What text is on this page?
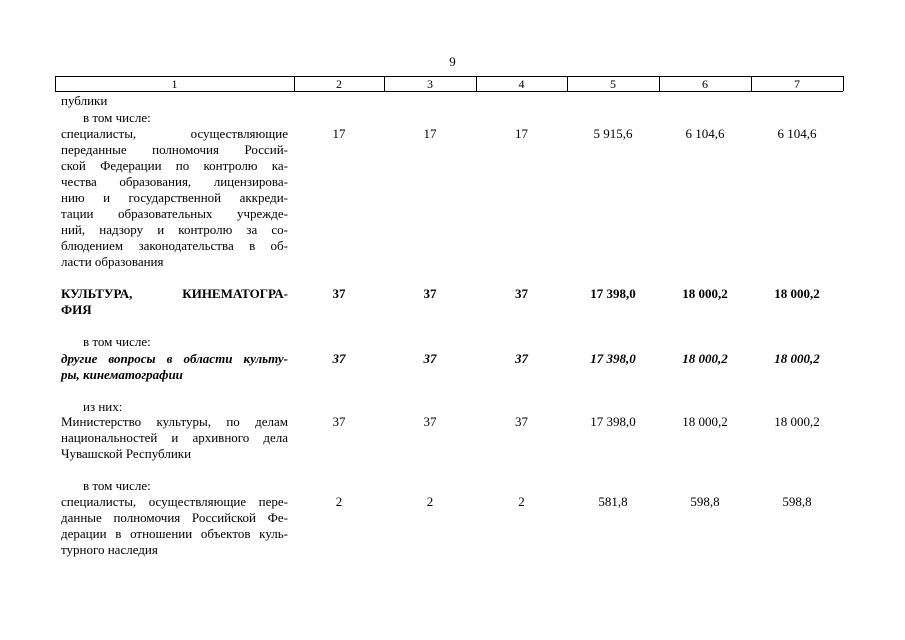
9
1	2	3	4	5	6	7
публики
в том числе:
специалисты, осуществляющие
переданные полномочия Россий-
ской Федерации по контролю ка-
чества образования, лицензирова-
нию и государственной аккреди-
тации образовательных учрежде-
ний, надзору и контролю за со-
блюдением законодательства в об-
ласти образования
17	17	17	5 915,6	6 104,6	6 104,6
КУЛЬТУРА, КИНЕМАТОГРА-
ФИЯ
37	37	37	17 398,0	18 000,2	18 000,2
в том числе:
другие вопросы в области культу-
ры, кинематографии
37	37	37	17 398,0	18 000,2	18 000,2
из них:
Министерство культуры, по делам
национальностей и архивного дела
Чувашской Республики
37	37	37	17 398,0	18 000,2	18 000,2
в том числе:
специалисты, осуществляющие пере-
данные полномочия Российской Фе-
дерации в отношении объектов куль-
турного наследия
2	2	2	581,8	598,8	598,8
